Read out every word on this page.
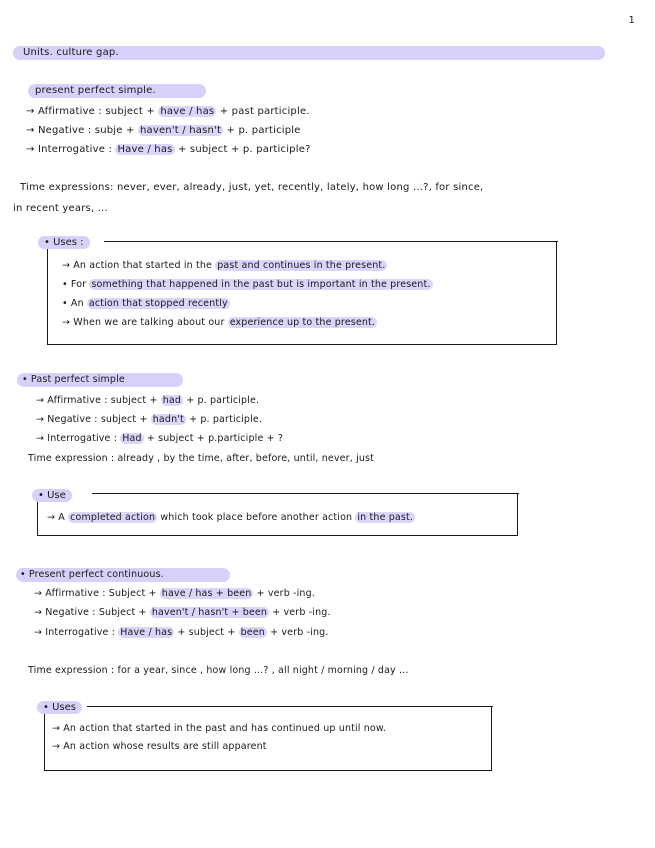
1
Units. culture gap.
present perfect simple.
→ Affirmative : subject + have / has + past participle.
→ Negative : subje + haven't / hasn't + p. participle
→ Interrogative : Have / has + subject + p. participle?
Time expressions: never, ever, already, just, yet, recently, lately, how long ...?, for since,
in recent years, ...
• Uses :
→ An action that started in the past and continues in the present.
• For something that happened in the past but is important in the present.
• An action that stopped recently
→ When we are talking about our experience up to the present.
• Past perfect simple
→ Affirmative : subject + had + p. participle.
→ Negative : subject + hadn't + p. participle.
→ Interrogative : Had + subject + p.participle + ?
Time expression : already , by the time, after, before, until, never, just
• Use
→ A completed action which took place before another action in the past.
• Present perfect continuous.
→ Affirmative : Subject + have / has + been + verb -ing.
→ Negative : Subject + haven't / hasn't + been + verb -ing.
→ Interrogative : Have / has + subject + been + verb -ing.
Time expression : for a year, since , how long ...? , all night / morning / day ...
• Uses
→ An action that started in the past and has continued up until now.
→ An action whose results are still apparent
